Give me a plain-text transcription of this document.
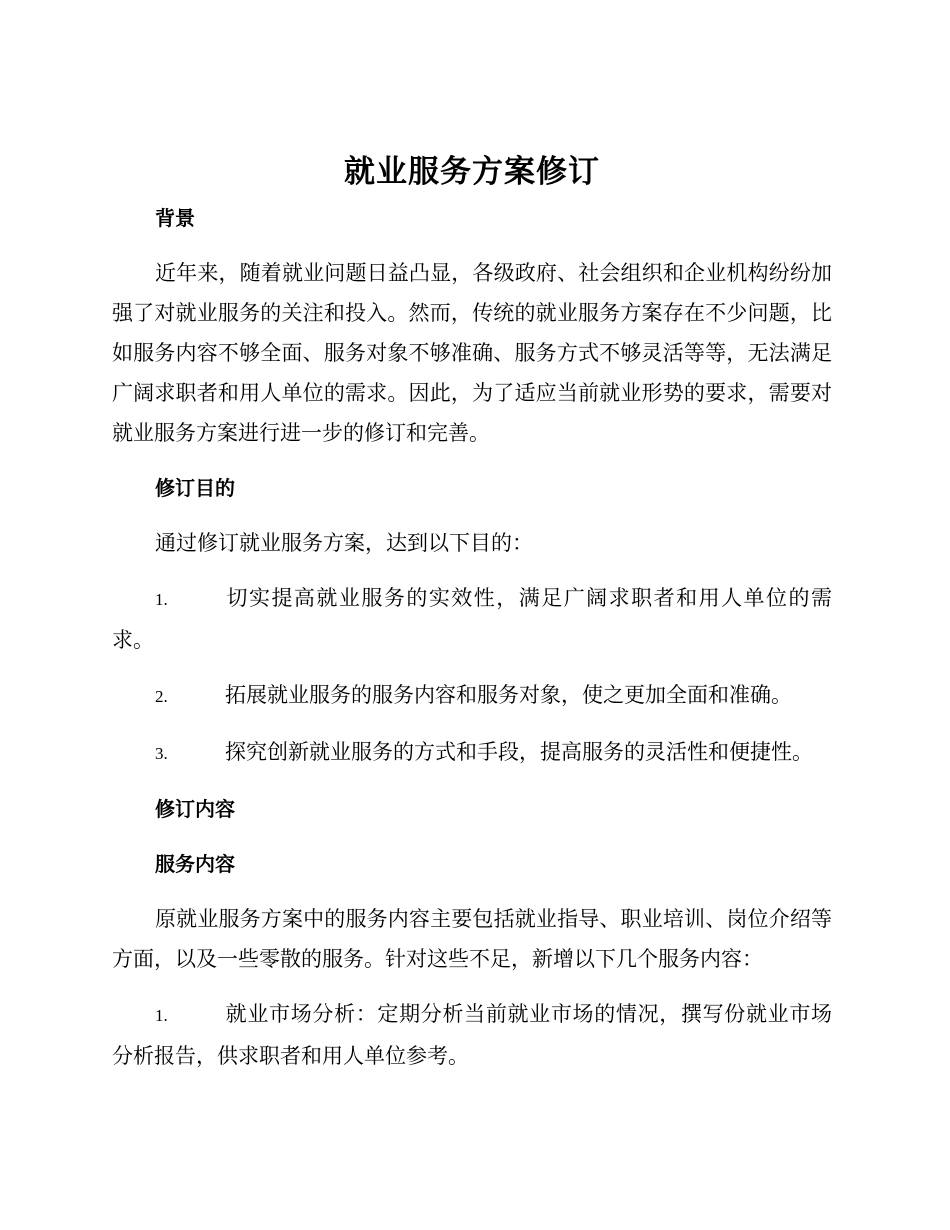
就业服务方案修订
背景

近年来，随着就业问题日益凸显，各级政府、社会组织和企业机构纷纷加强了对就业服务的关注和投入。然而，传统的就业服务方案存在不少问题，比如服务内容不够全面、服务对象不够准确、服务方式不够灵活等等，无法满足广阔求职者和用人单位的需求。因此，为了适应当前就业形势的要求，需要对就业服务方案进行进一步的修订和完善。

修订目的

通过修订就业服务方案，达到以下目的：

1.	切实提高就业服务的实效性，满足广阔求职者和用人单位的需求。

2.	拓展就业服务的服务内容和服务对象，使之更加全面和准确。

3.	探究创新就业服务的方式和手段，提高服务的灵活性和便捷性。

修订内容
服务内容

原就业服务方案中的服务内容主要包括就业指导、职业培训、岗位介绍等方面，以及一些零散的服务。针对这些不足，新增以下几个服务内容：

1.	就业市场分析：定期分析当前就业市场的情况，撰写份就业市场分析报告，供求职者和用人单位参考。
